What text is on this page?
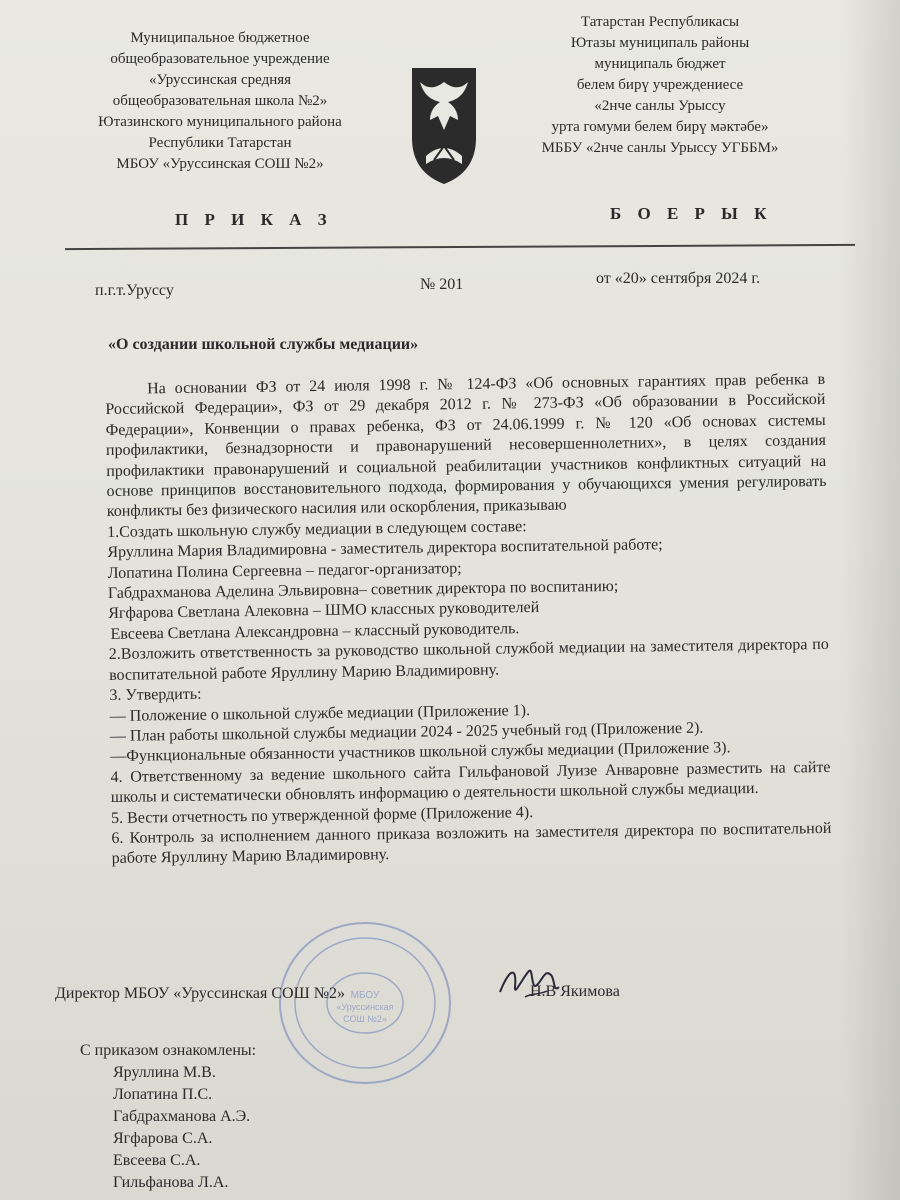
Муниципальное бюджетное
общеобразовательное учреждение
«Уруссинская средняя
общеобразовательная школа №2»
Ютазинского муниципального района
Республики Татарстан
МБОУ «Уруссинская СОШ №2»
Татарстан Республикасы
Ютазы муниципаль районы
муниципаль бюджет
белем бирү учреждениесе
«2нче санлы Урыссу
урта гомуми белем бирү мәктәбе»
МББУ «2нче санлы Урыссу УГББМ»
П Р И К А З	Б О Е Р Ы К
п.г.т.Уруссу	№ 201	от «20» сентября 2024 г.
«О создании школьной службы медиации»
На основании ФЗ от 24 июля 1998 г. № 124-ФЗ «Об основных гарантиях прав ребенка в Российской Федерации», ФЗ от 29 декабря 2012 г. № 273-ФЗ «Об образовании в Российской Федерации», Конвенции о правах ребенка, ФЗ от 24.06.1999 г. № 120 «Об основах системы профилактики, безнадзорности и правонарушений несовершеннолетних», в целях создания профилактики правонарушений и социальной реабилитации участников конфликтных ситуаций на основе принципов восстановительного подхода, формирования у обучающихся умения регулировать конфликты без физического насилия или оскорбления, приказываю
1.Создать школьную службу медиации в следующем составе:
Яруллина Мария Владимировна - заместитель директора воспитательной работе;
Лопатина Полина Сергеевна – педагог-организатор;
Габдрахманова Аделина Эльвировна– советник директора по воспитанию;
Ягфарова Светлана Алековна – ШМО классных руководителей
Евсеева Светлана Александровна – классный руководитель.
2.Возложить ответственность за руководство школьной службой медиации на заместителя директора по воспитательной работе Яруллину Марию Владимировну.
3. Утвердить:
— Положение о школьной службе медиации (Приложение 1).
— План работы школьной службы медиации 2024 - 2025 учебный год (Приложение 2).
—Функциональные обязанности участников школьной службы медиации (Приложение 3).
4. Ответственному за ведение школьного сайта Гильфановой Луизе Анваровне разместить на сайте школы и систематически обновлять информацию о деятельности школьной службы медиации.
5. Вести отчетность по утвержденной форме (Приложение 4).
6. Контроль за исполнением данного приказа возложить на заместителя директора по воспитательной работе Яруллину Марию Владимировну.
МБОУ
«Уруссинская
СОШ №2»
Директор МБОУ «Уруссинская СОШ №2»	Н.В Якимова
С приказом ознакомлены:
Яруллина М.В.
Лопатина П.С.
Габдрахманова А.Э.
Ягфарова С.А.
Евсеева С.А.
Гильфанова Л.А.
